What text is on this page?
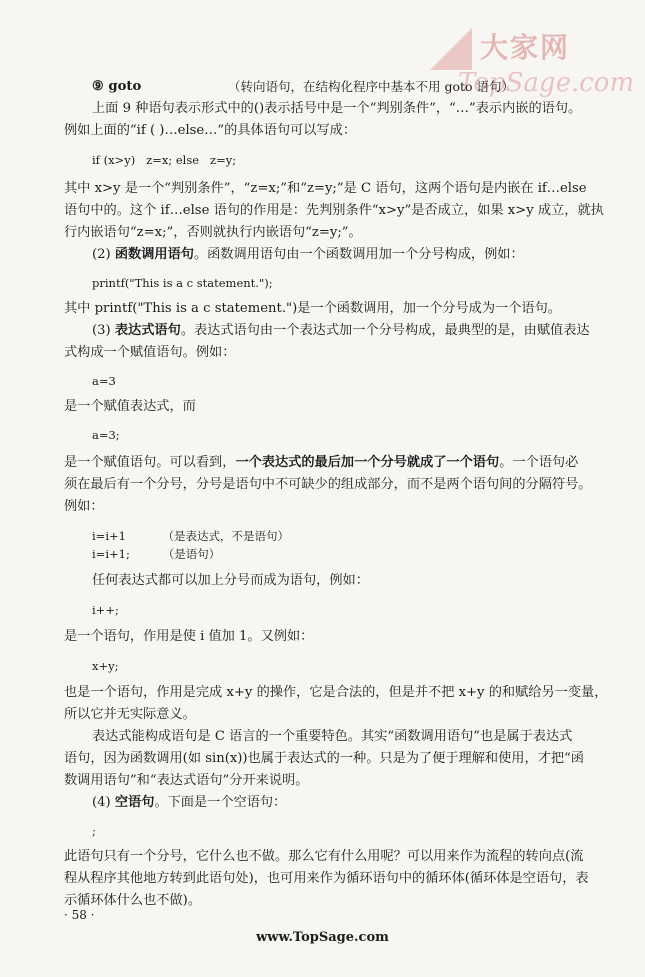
大家网
TopSage.com
⑨ goto	（转向语句，在结构化程序中基本不用 goto 语句）
上面 9 种语句表示形式中的()表示括号中是一个“判别条件”，“…”表示内嵌的语句。
例如上面的“if ( )…else…”的具体语句可以写成：
if (x>y)   z=x; else   z=y;
其中 x>y 是一个“判别条件”，“z=x;”和“z=y;”是 C 语句，这两个语句是内嵌在 if…else
语句中的。这个 if…else 语句的作用是：先判别条件“x>y”是否成立，如果 x>y 成立，就执
行内嵌语句“z=x;”，否则就执行内嵌语句“z=y;”。
(2) 函数调用语句。函数调用语句由一个函数调用加一个分号构成，例如：
printf("This is a c statement.");
其中 printf("This is a c statement.")是一个函数调用，加一个分号成为一个语句。
(3) 表达式语句。表达式语句由一个表达式加一个分号构成，最典型的是，由赋值表达
式构成一个赋值语句。例如：
a=3
是一个赋值表达式，而
a=3;
是一个赋值语句。可以看到，一个表达式的最后加一个分号就成了一个语句。一个语句必
须在最后有一个分号，分号是语句中不可缺少的组成部分，而不是两个语句间的分隔符号。
例如：
i=i+1          （是表达式，不是语句）
i=i+1;         （是语句）
任何表达式都可以加上分号而成为语句，例如：
i++;
是一个语句，作用是使 i 值加 1。又例如：
x+y;
也是一个语句，作用是完成 x+y 的操作，它是合法的，但是并不把 x+y 的和赋给另一变量，
所以它并无实际意义。
表达式能构成语句是 C 语言的一个重要特色。其实“函数调用语句”也是属于表达式
语句，因为函数调用(如 sin(x))也属于表达式的一种。只是为了便于理解和使用，才把“函
数调用语句”和“表达式语句”分开来说明。
(4) 空语句。下面是一个空语句：
;
此语句只有一个分号，它什么也不做。那么它有什么用呢？可以用来作为流程的转向点(流
程从程序其他地方转到此语句处)，也可用来作为循环语句中的循环体(循环体是空语句，表
示循环体什么也不做)。
· 58 ·
www.TopSage.com
